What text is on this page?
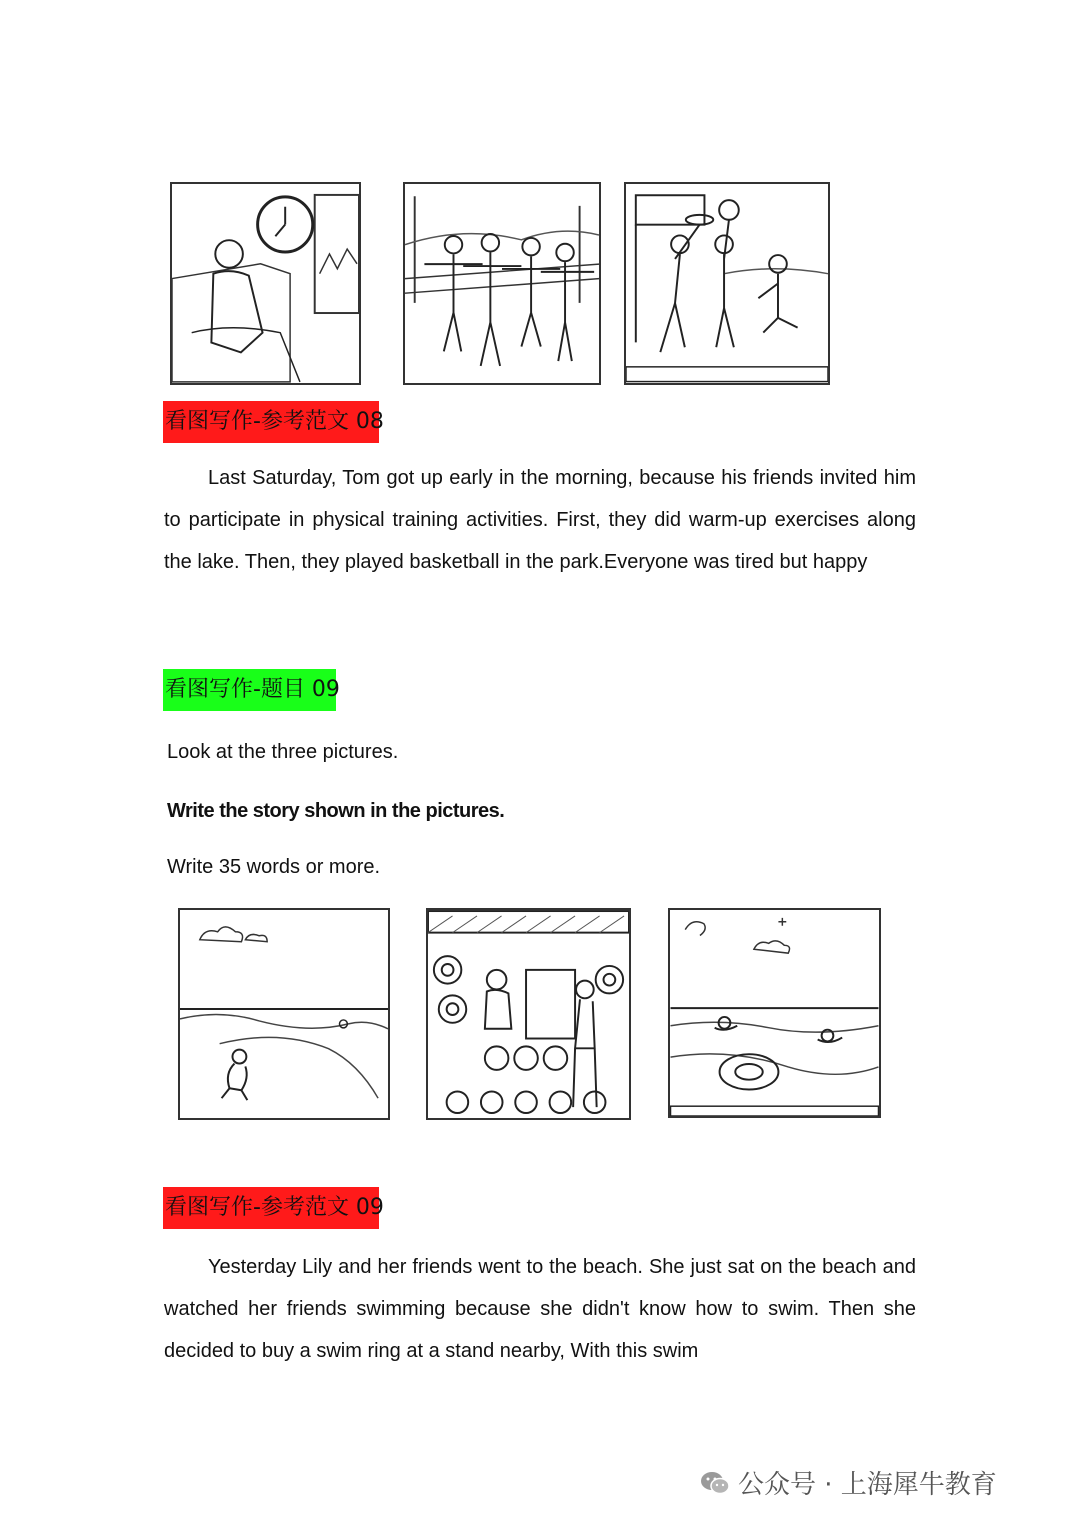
看图写作-参考范文 08

Last Saturday, Tom got up early in the morning, because his friends invited him to participate in physical training activities. First, they did warm-up exercises along the lake. Then, they played basketball in the park.Everyone was tired but happy

看图写作-题目 09

Look at the three pictures.

Write the story shown in the pictures.

Write 35 words or more.

看图写作-参考范文 09

Yesterday Lily and her friends went to the beach. She just sat on the beach and watched her friends swimming because she didn't know how to swim. Then she decided to buy a swim ring at a stand nearby, With this swim

公众号 · 上海犀牛教育
